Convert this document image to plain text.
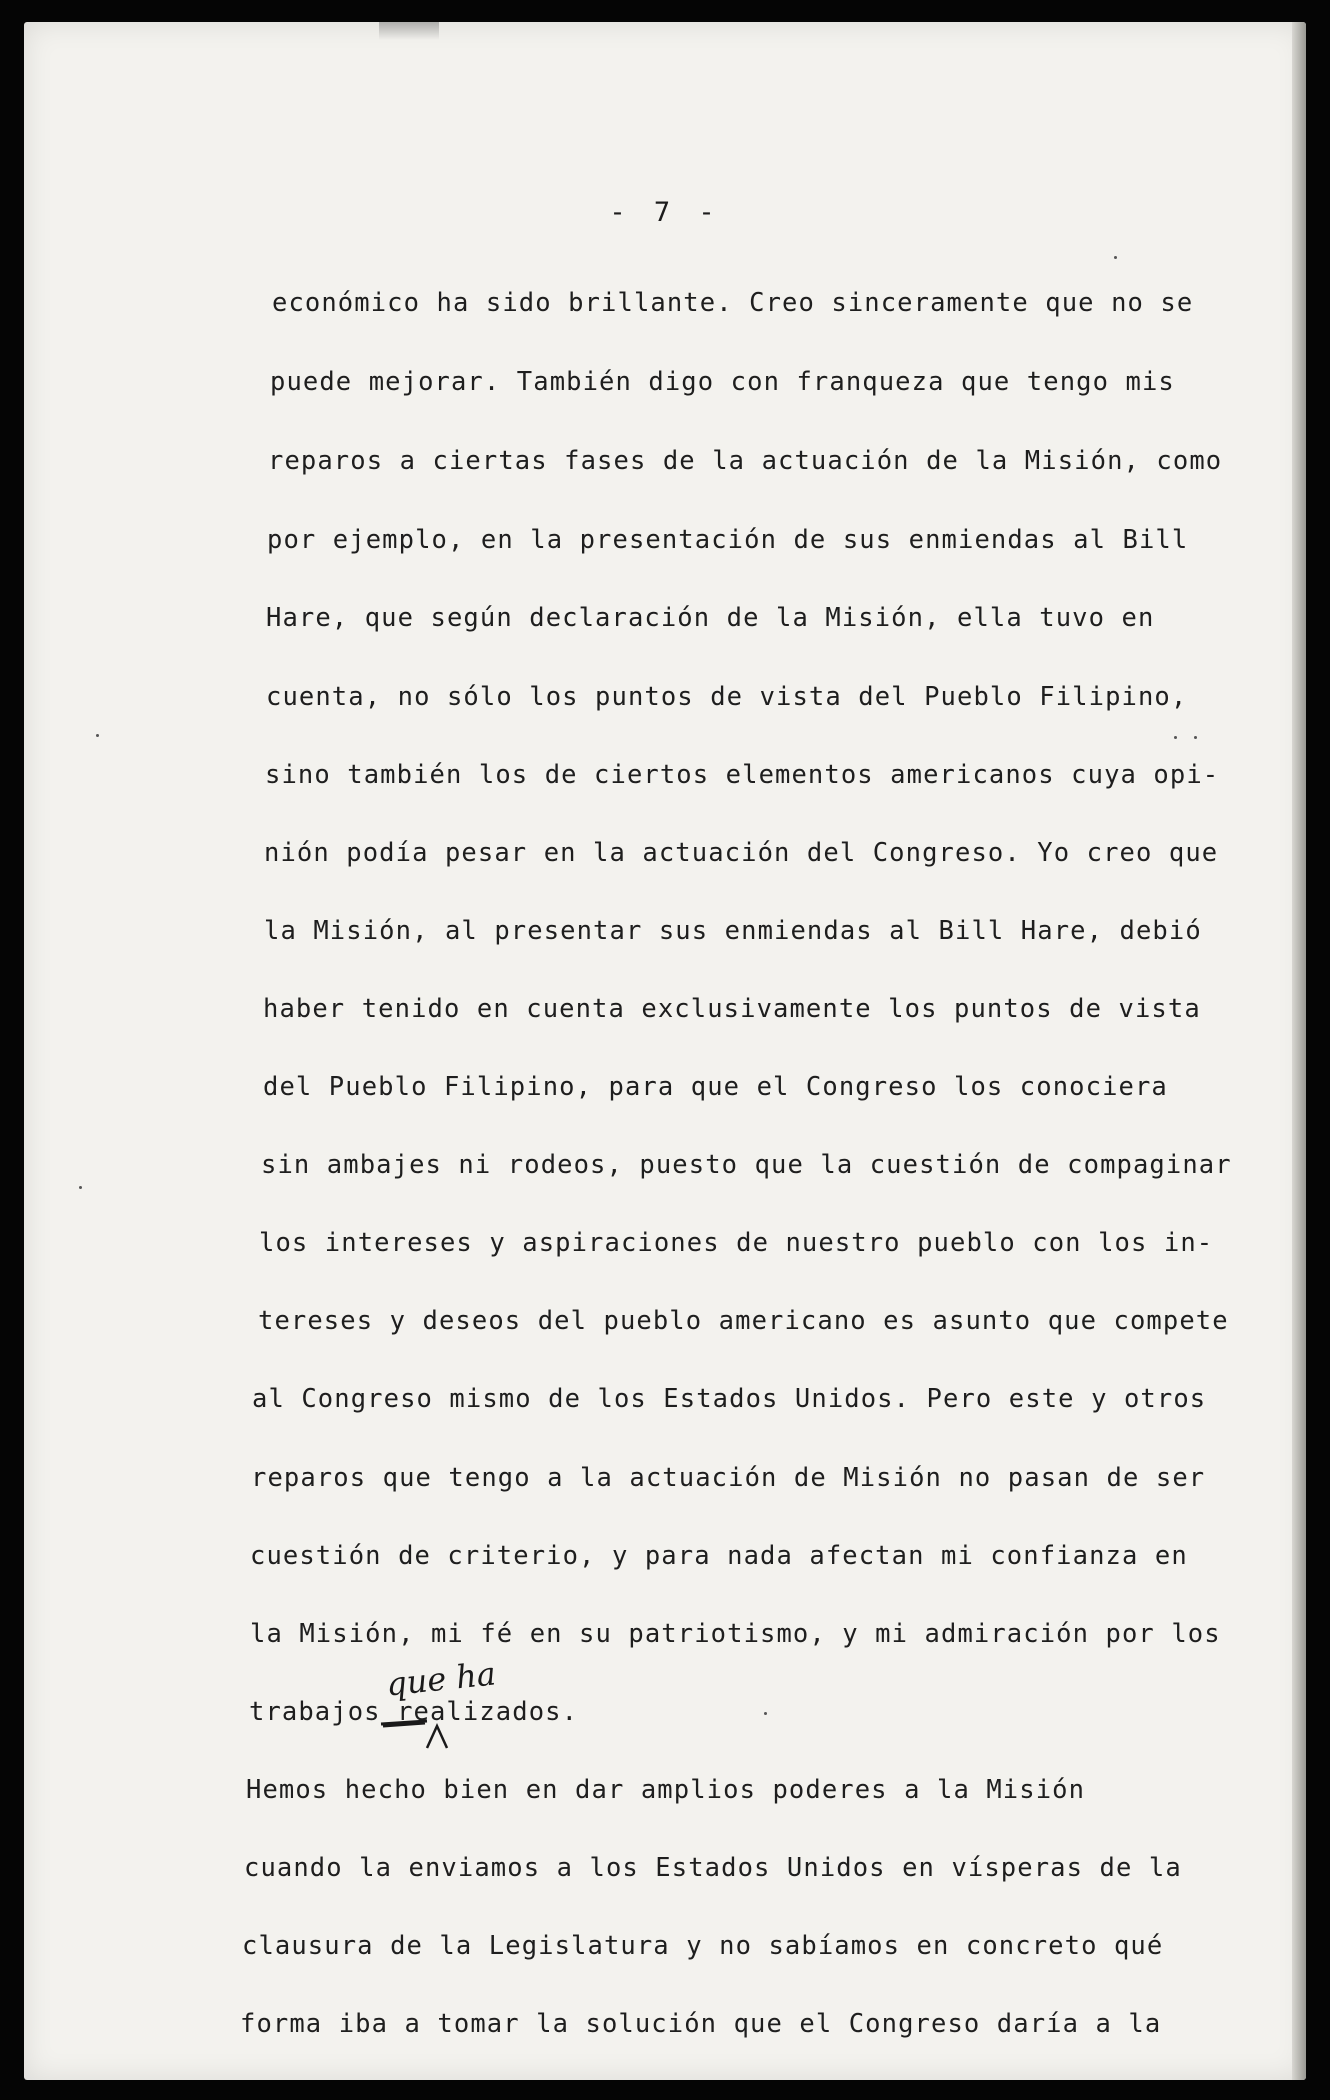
- 7 -
económico ha sido brillante. Creo sinceramente que no se
puede mejorar. También digo con franqueza que tengo mis
reparos a ciertas fases de la actuación de la Misión, como
por ejemplo, en la presentación de sus enmiendas al Bill
Hare, que según declaración de la Misión, ella tuvo en
cuenta, no sólo los puntos de vista del Pueblo Filipino,
sino también los de ciertos elementos americanos cuya opi-
nión podía pesar en la actuación del Congreso. Yo creo que
la Misión, al presentar sus enmiendas al Bill Hare, debió
haber tenido en cuenta exclusivamente los puntos de vista
del Pueblo Filipino, para que el Congreso los conociera
sin ambajes ni rodeos, puesto que la cuestión de compaginar
los intereses y aspiraciones de nuestro pueblo con los in-
tereses y deseos del pueblo americano es asunto que compete
al Congreso mismo de los Estados Unidos. Pero este y otros
reparos que tengo a la actuación de Misión no pasan de ser
cuestión de criterio, y para nada afectan mi confianza en
la Misión, mi fé en su patriotismo, y mi admiración por los
trabajos realizados.
Hemos hecho bien en dar amplios poderes a la Misión
cuando la enviamos a los Estados Unidos en vísperas de la
clausura de la Legislatura y no sabíamos en concreto qué
forma iba a tomar la solución que el Congreso daría a la
que ha
